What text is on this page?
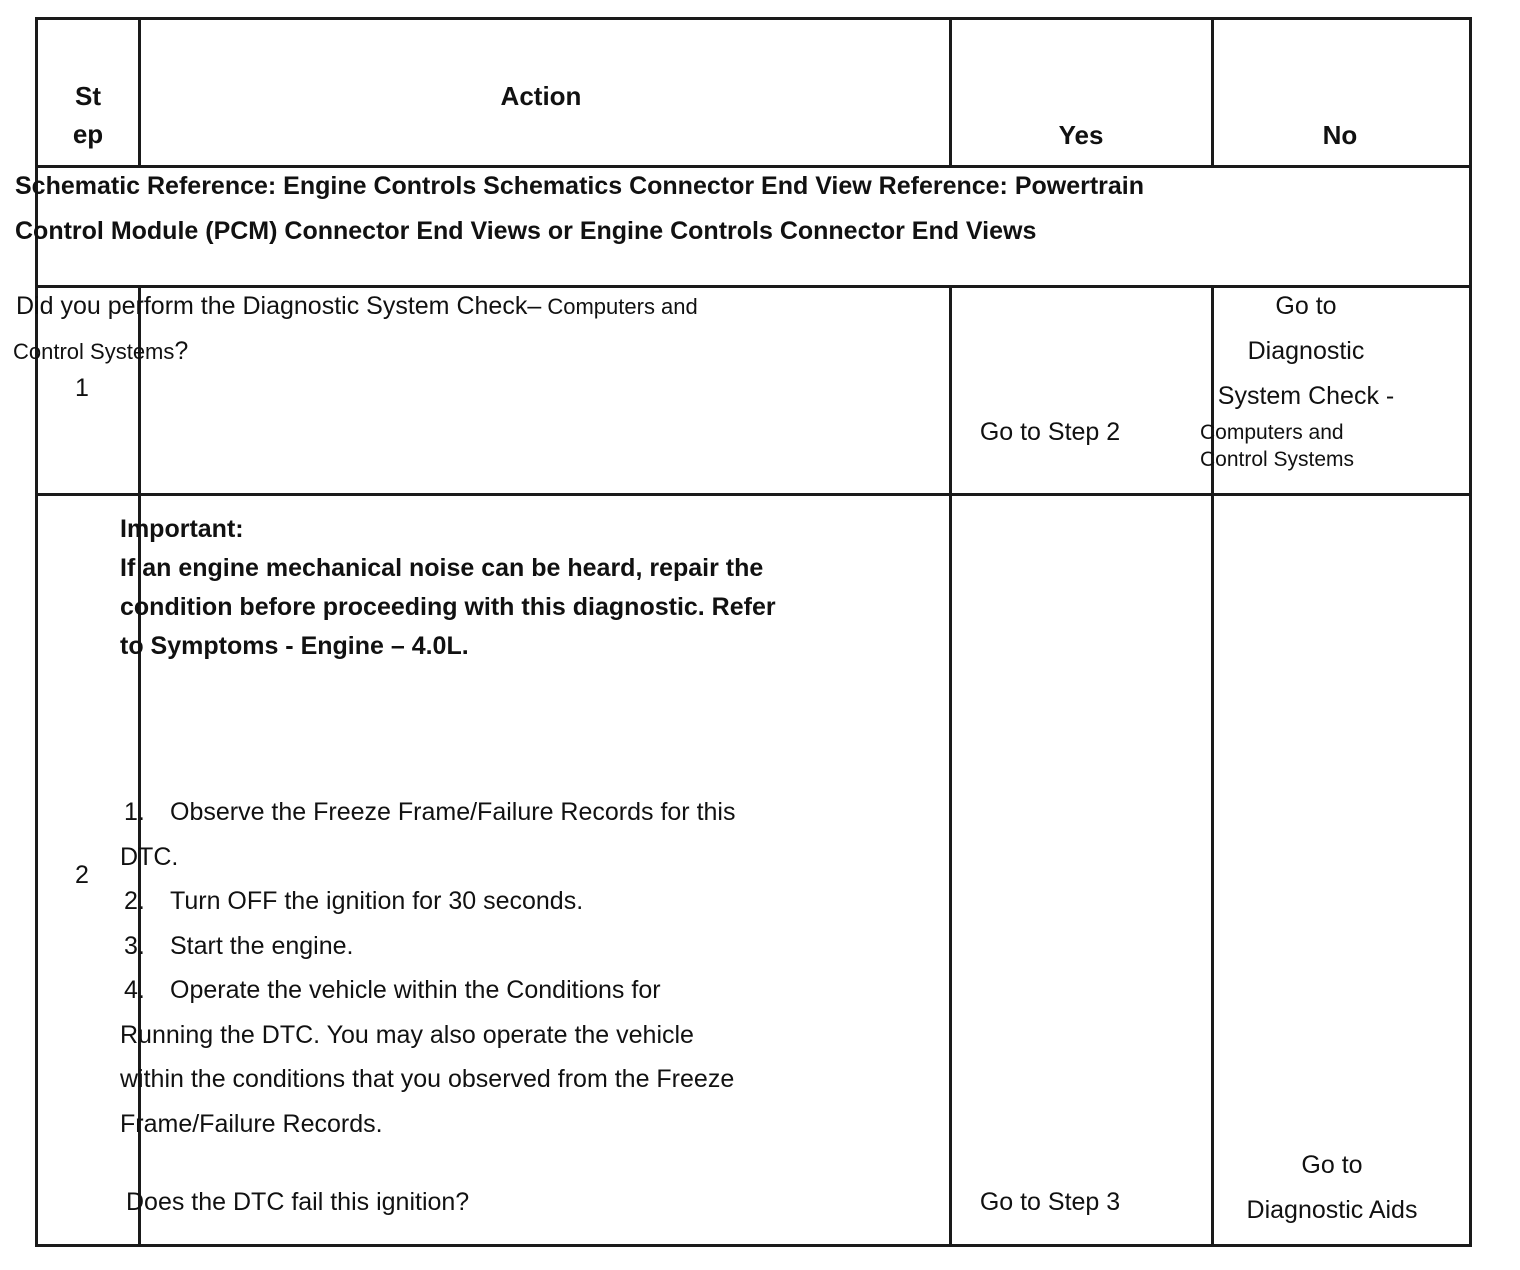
St
ep
Action
Yes	No
1
2
Schematic Reference: Engine Controls Schematics Connector End View Reference: Powertrain
Control Module (PCM) Connector End Views or Engine Controls Connector End Views
Did you perform the Diagnostic System Check– Computers and
Control Systems?
Go to Step 2
Go to
Diagnostic
System Check -
Computers and
Control Systems
Important:
If an engine mechanical noise can be heard, repair the
condition before proceeding with this diagnostic. Refer
to Symptoms - Engine – 4.0L.
1. Observe the Freeze Frame/Failure Records for this
DTC.
2. Turn OFF the ignition for 30 seconds.
3. Start the engine.
4. Operate the vehicle within the Conditions for
Running the DTC. You may also operate the vehicle
within the conditions that you observed from the Freeze
Frame/Failure Records.
Does the DTC fail this ignition?	Go to Step 3
Go to
Diagnostic Aids
